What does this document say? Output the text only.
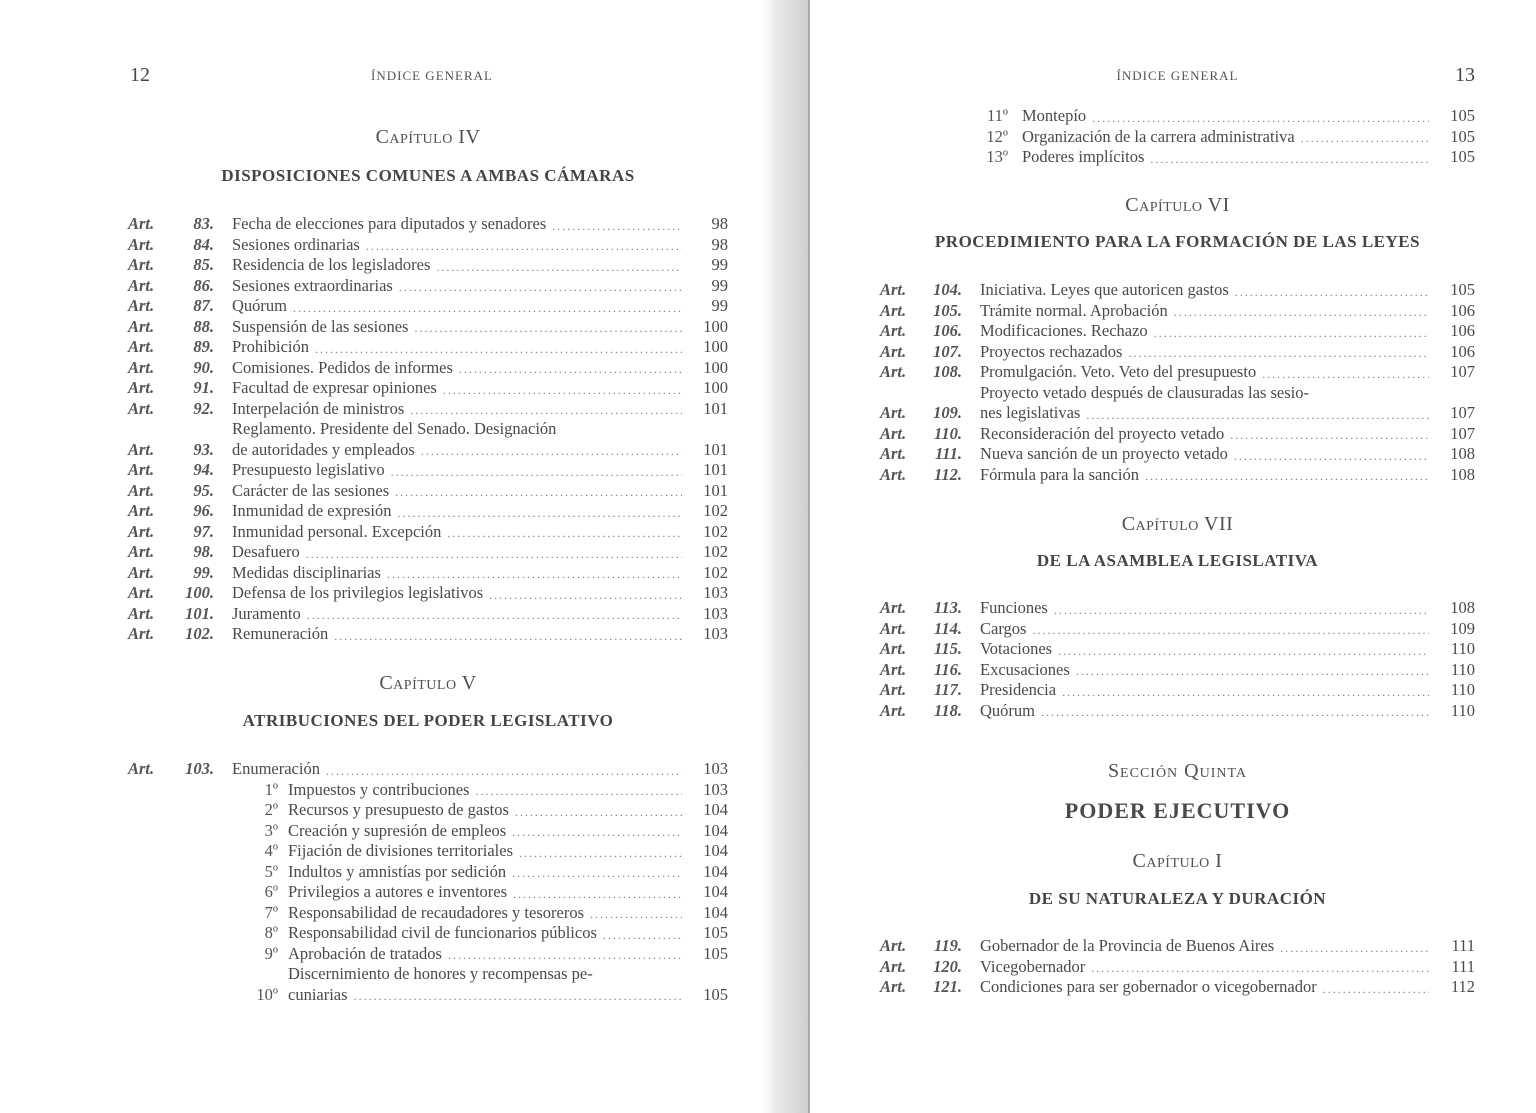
12	ÍNDICE GENERAL

Capítulo IV

DISPOSICIONES COMUNES A AMBAS CÁMARAS

Art.	83. Fecha de elecciones para diputados y senadores .....	98
Art.	84. Sesiones ordinarias .....	98
Art.	85. Residencia de los legisladores .....	99
Art.	86. Sesiones extraordinarias .....	99
Art.	87. Quórum .....	99
Art.	88. Suspensión de las sesiones .....	100
Art.	89. Prohibición .....	100
Art.	90. Comisiones. Pedidos de informes .....	100
Art.	91. Facultad de expresar opiniones .....	100
Art.	92. Interpelación de ministros .....	101
Art.	93.
Reglamento. Presidente del Senado. Designación
de autoridades y empleados .....	101
Art.	94. Presupuesto legislativo .....	101
Art.	95. Carácter de las sesiones .....	101
Art.	96. Inmunidad de expresión .....	102
Art.	97. Inmunidad personal. Excepción .....	102
Art.	98. Desafuero .....	102
Art.	99. Medidas disciplinarias .....	102
Art.	100. Defensa de los privilegios legislativos .....	103
Art.	101. Juramento .....	103
Art.	102. Remuneración .....	103

Capítulo V

ATRIBUCIONES DEL PODER LEGISLATIVO

Art.	103. Enumeración .....	103
1º Impuestos y contribuciones .....	103
2º Recursos y presupuesto de gastos .....	104
3º Creación y supresión de empleos .....	104
4º Fijación de divisiones territoriales .....	104
5º Indultos y amnistías por sedición .....	104
6º Privilegios a autores e inventores .....	104
7º Responsabilidad de recaudadores y tesoreros .....	104
8º Responsabilidad civil de funcionarios públicos .....	105
9º Aprobación de tratados .....	105
10º
Discernimiento de honores y recompensas pe-
cuniarias .....	105
ÍNDICE GENERAL	13
11º Montepío .....	105
12º Organización de la carrera administrativa .....	105
13º Poderes implícitos .....	105

Capítulo VI

PROCEDIMIENTO PARA LA FORMACIÓN DE LAS LEYES

Art.	104. Iniciativa. Leyes que autoricen gastos .....	105
Art.	105. Trámite normal. Aprobación .....	106
Art.	106. Modificaciones. Rechazo .....	106
Art.	107. Proyectos rechazados .....	106
Art.	108. Promulgación. Veto. Veto del presupuesto .....	107
Art.	109.
Proyecto vetado después de clausuradas las sesio-
nes legislativas .....	107
Art.	110. Reconsideración del proyecto vetado .....	107
Art.	111. Nueva sanción de un proyecto vetado .....	108
Art.	112. Fórmula para la sanción .....	108

Capítulo VII

DE LA ASAMBLEA LEGISLATIVA

Art.	113. Funciones .....	108
Art.	114. Cargos .....	109
Art.	115. Votaciones .....	110
Art.	116. Excusaciones .....	110
Art.	117. Presidencia .....	110
Art.	118. Quórum .....	110

Sección Quinta

PODER EJECUTIVO

Capítulo I

DE SU NATURALEZA Y DURACIÓN

Art.	119. Gobernador de la Provincia de Buenos Aires .....	111
Art.	120. Vicegobernador .....	111
Art.	121. Condiciones para ser gobernador o vicegobernador .....	112
